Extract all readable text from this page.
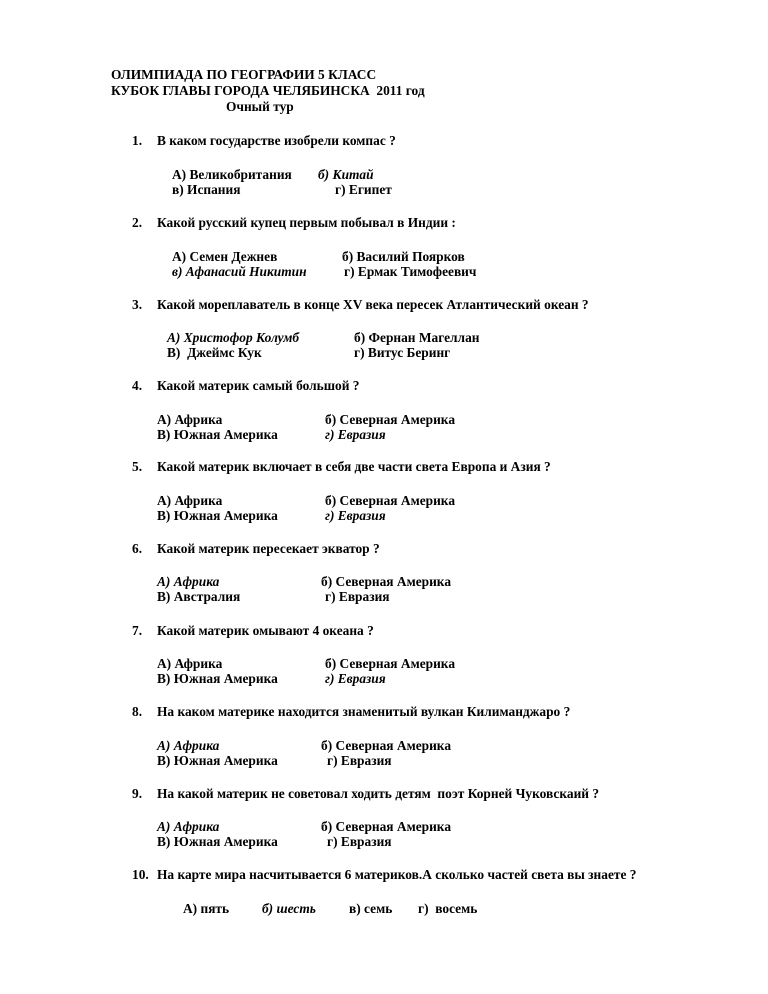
ОЛИМПИАДА ПО ГЕОГРАФИИ 5 КЛАСС
КУБОК ГЛАВЫ ГОРОДА ЧЕЛЯБИНСКА  2011 год
Очный тур
1. В каком государстве изобрели компас ?
А) Великобритания б) Китай
в) Испания	г) Египет
2. Какой русский купец первым побывал в Индии :
А) Семен Дежнев	б) Василий Поярков
в) Афанасий Никитин	г) Ермак Тимофеевич
3. Какой мореплаватель в конце XV века пересек Атлантический океан ?
А) Христофор Колумб	б) Фернан Магеллан
В)  Джеймс Кук	г) Витус Беринг
4. Какой материк самый большой ?
А) Африка	б) Северная Америка
В) Южная Америка	г) Евразия
5. Какой материк включает в себя две части света Европа и Азия ?
А) Африка	б) Северная Америка
В) Южная Америка	г) Евразия
6. Какой материк пересекает экватор ?
А) Африка	б) Северная Америка
В) Австралия	г) Евразия
7. Какой материк омывают 4 океана ?
А) Африка	б) Северная Америка
В) Южная Америка	г) Евразия
8. На каком материке находится знаменитый вулкан Килиманджаро ?
А) Африка	б) Северная Америка
В) Южная Америка	г) Евразия
9. На какой материк не советовал ходить детям  поэт Корней Чуковскаий ?
А) Африка	б) Северная Америка
В) Южная Америка	г) Евразия
10. На карте мира насчитывается 6 материков.А сколько частей света вы знаете ?
А) пять б) шесть в) семь г)  восемь
